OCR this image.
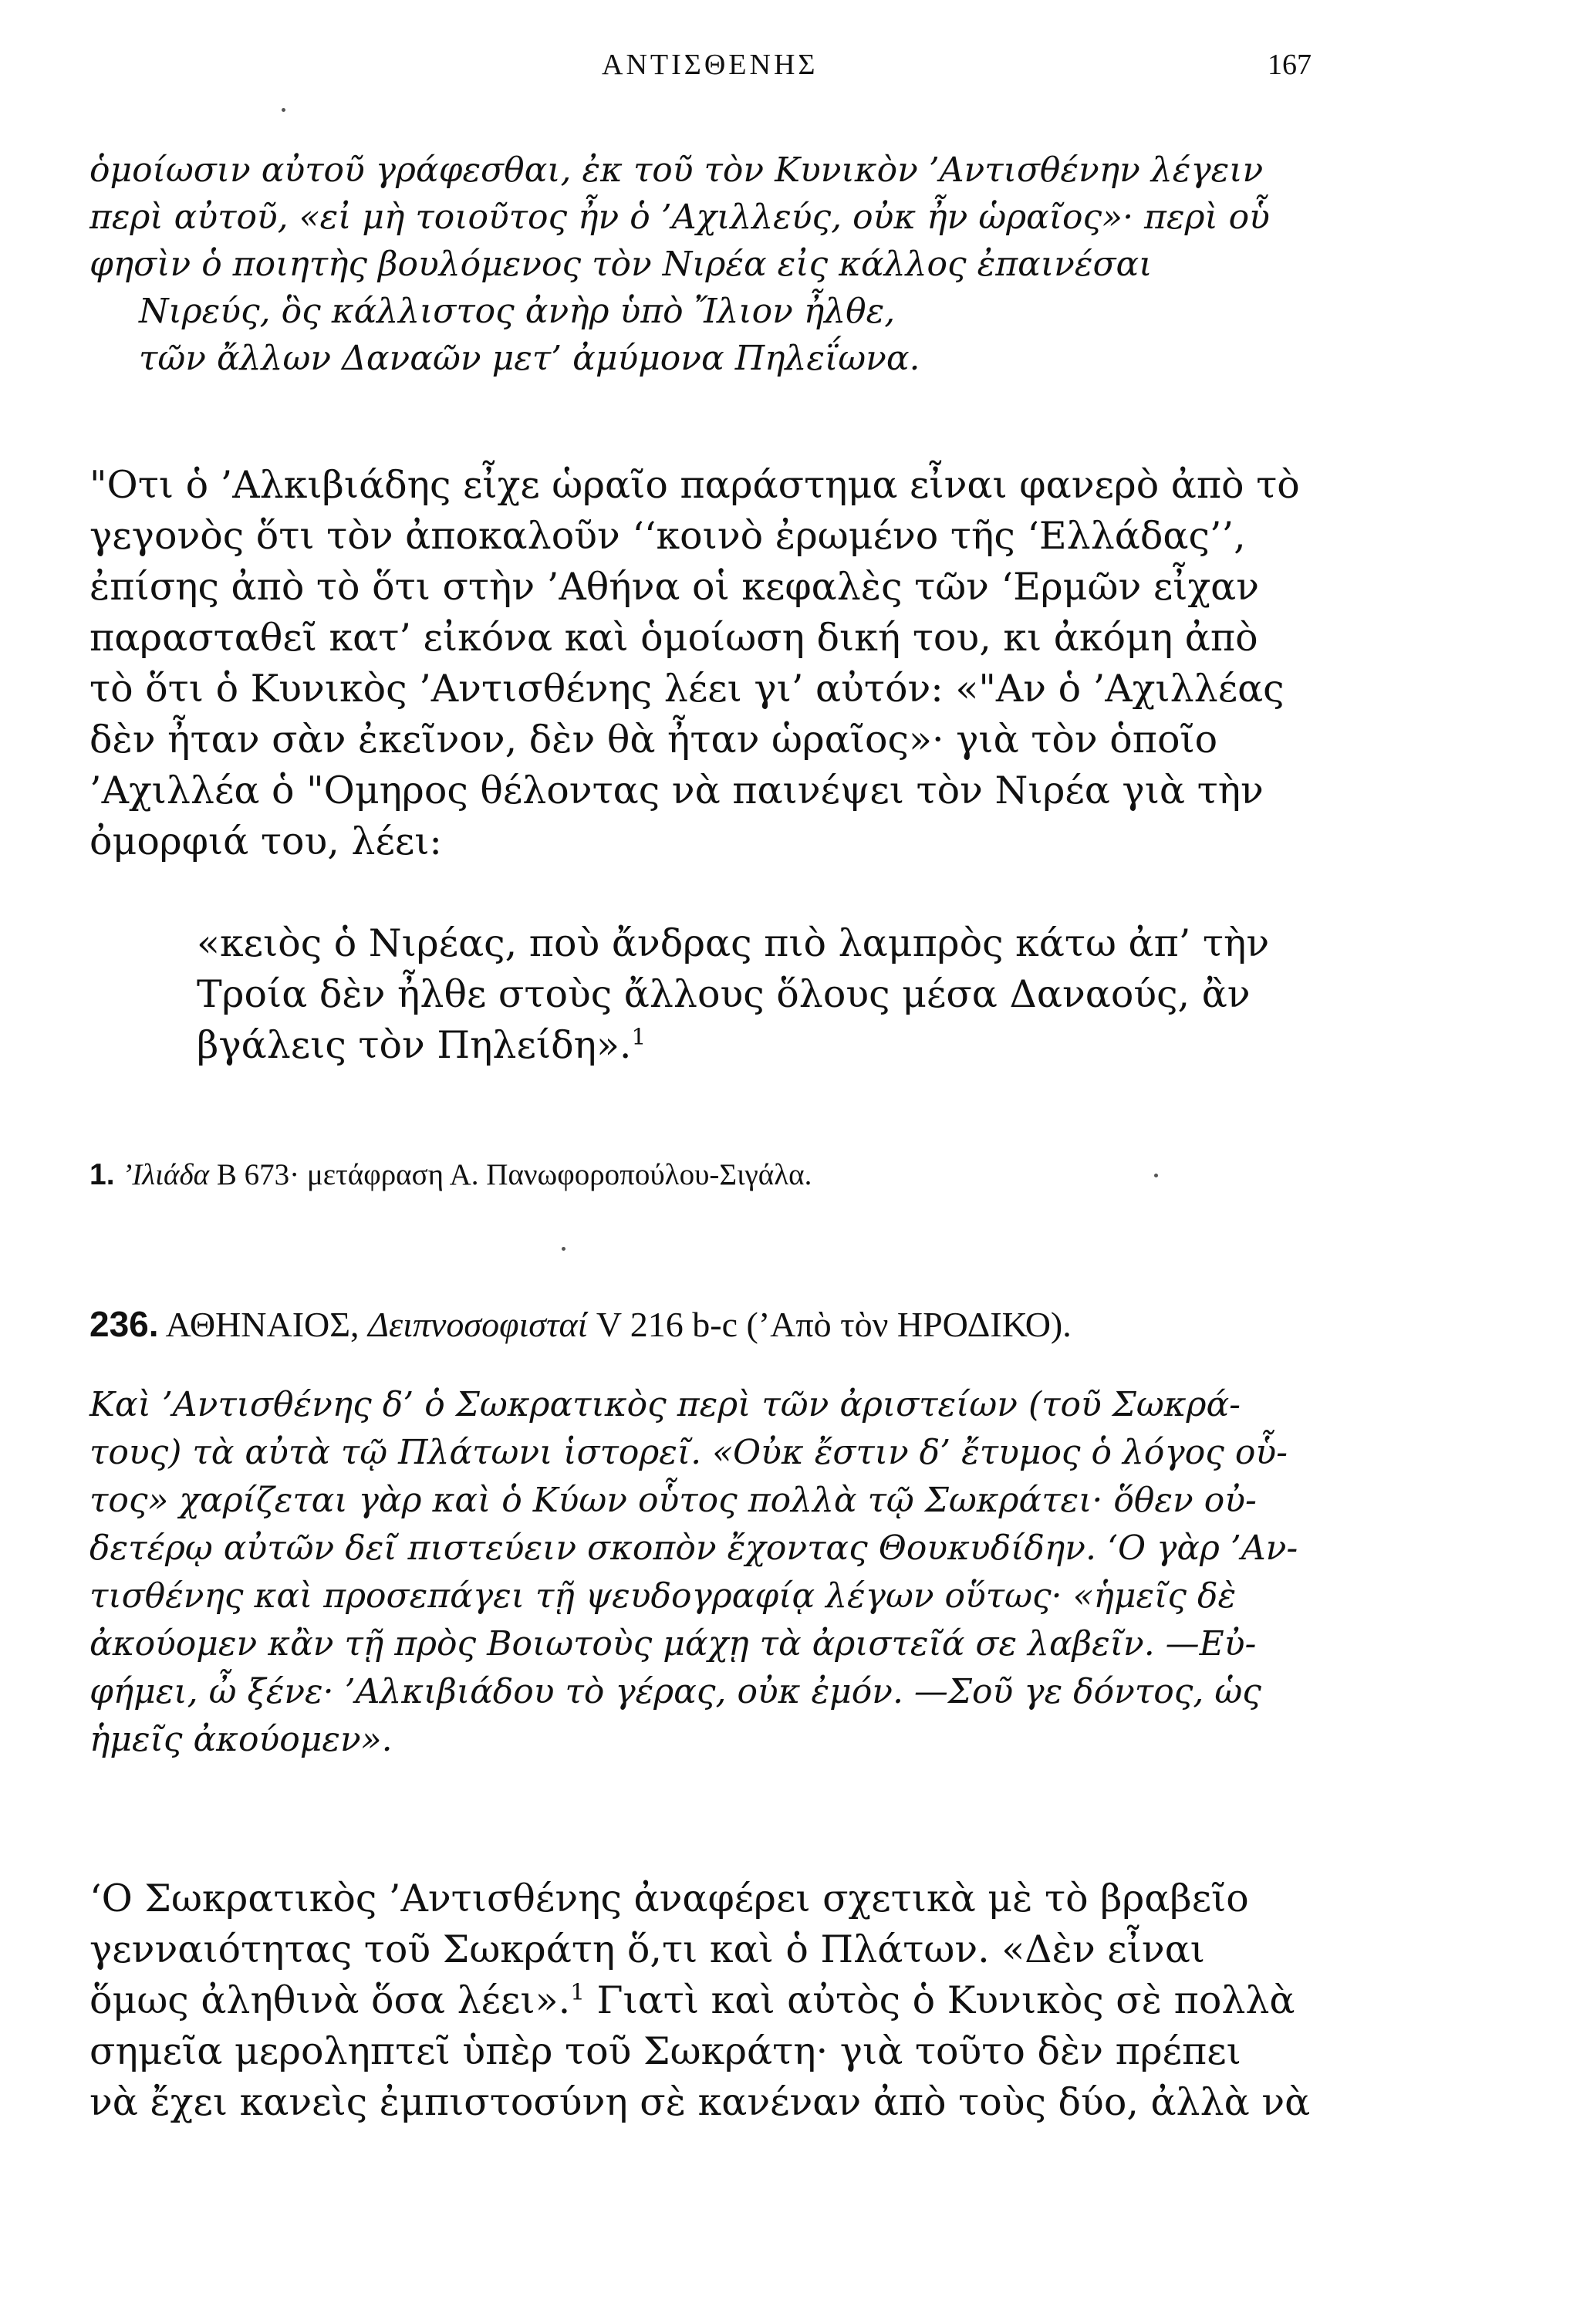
ΑΝΤΙΣΘΕΝΗΣ	167
ὁμοίωσιν αὐτοῦ γράφεσθαι, ἐκ τοῦ τὸν Κυνικὸν ’Αντισθένην λέγειν
περὶ αὐτοῦ, «εἰ μὴ τοιοῦτος ἦν ὁ ’Αχιλλεύς, οὐκ ἦν ὡραῖος»· περὶ οὗ
φησὶν ὁ ποιητὴς βουλόμενος τὸν Νιρέα εἰς κάλλος ἐπαινέσαι
Νιρεύς, ὃς κάλλιστος ἀνὴρ ὑπὸ Ἴλιον ἦλθε,
τῶν ἄλλων Δαναῶν μετ’ ἀμύμονα Πηλεΐωνα.
"Οτι ὁ ’Αλκιβιάδης εἶχε ὡραῖο παράστημα εἶναι φανερὸ ἀπὸ τὸ
γεγονὸς ὅτι τὸν ἀποκαλοῦν ‘‘κοινὸ ἐρωμένο τῆς ‘Ελλάδας’’,
ἐπίσης ἀπὸ τὸ ὅτι στὴν ’Αθήνα οἱ κεφαλὲς τῶν ‘Ερμῶν εἶχαν
παρασταθεῖ κατ’ εἰκόνα καὶ ὁμοίωση δική του, κι ἀκόμη ἀπὸ
τὸ ὅτι ὁ Κυνικὸς ’Αντισθένης λέει γι’ αὐτόν: «"Αν ὁ ’Αχιλλέας
δὲν ἦταν σὰν ἐκεῖνον, δὲν θὰ ἦταν ὡραῖος»· γιὰ τὸν ὁποῖο
’Αχιλλέα ὁ "Ομηρος θέλοντας νὰ παινέψει τὸν Νιρέα γιὰ τὴν
ὀμορφιά του, λέει:
«κειὸς ὁ Νιρέας, ποὺ ἄνδρας πιὸ λαμπρὸς κάτω ἀπ’ τὴν
Τροία δὲν ἦλθε στοὺς ἄλλους ὅλους μέσα Δαναούς, ἂν
βγάλεις τὸν Πηλείδη».$^1$
1. ’Ιλιάδα Β 673· μετάφραση Α. Πανωφοροπούλου-Σιγάλα.
236. ΑΘΗΝΑΙΟΣ, Δειπνοσοφισταί V 216 b-c (’Απὸ τὸν ΗΡΟΔΙΚΟ).
Καὶ ’Αντισθένης δ’ ὁ Σωκρατικὸς περὶ τῶν ἀριστείων (τοῦ Σωκρά-
τους) τὰ αὐτὰ τῷ Πλάτωνι ἱστορεῖ. «Οὐκ ἔστιν δ’ ἔτυμος ὁ λόγος οὗ-
τος» χαρίζεται γὰρ καὶ ὁ Κύων οὗτος πολλὰ τῷ Σωκράτει· ὅθεν οὐ-
δετέρῳ αὐτῶν δεῖ πιστεύειν σκοπὸν ἔχοντας Θουκυδίδην. ‘Ο γὰρ ’Αν-
τισθένης καὶ προσεπάγει τῇ ψευδογραφίᾳ λέγων οὕτως· «ἡμεῖς δὲ
ἀκούομεν κἂν τῇ πρὸς Βοιωτοὺς μάχῃ τὰ ἀριστεῖά σε λαβεῖν. —Εὐ-
φήμει, ὦ ξένε· ’Αλκιβιάδου τὸ γέρας, οὐκ ἐμόν. —Σοῦ γε δόντος, ὡς
ἡμεῖς ἀκούομεν».
‘Ο Σωκρατικὸς ’Αντισθένης ἀναφέρει σχετικὰ μὲ τὸ βραβεῖο
γενναιότητας τοῦ Σωκράτη ὅ,τι καὶ ὁ Πλάτων. «Δὲν εἶναι
ὅμως ἀληθινὰ ὅσα λέει».$^1$ Γιατὶ καὶ αὐτὸς ὁ Κυνικὸς σὲ πολλὰ
σημεῖα μεροληπτεῖ ὑπὲρ τοῦ Σωκράτη· γιὰ τοῦτο δὲν πρέπει
νὰ ἔχει κανεὶς ἐμπιστοσύνη σὲ κανέναν ἀπὸ τοὺς δύο, ἀλλὰ νὰ
